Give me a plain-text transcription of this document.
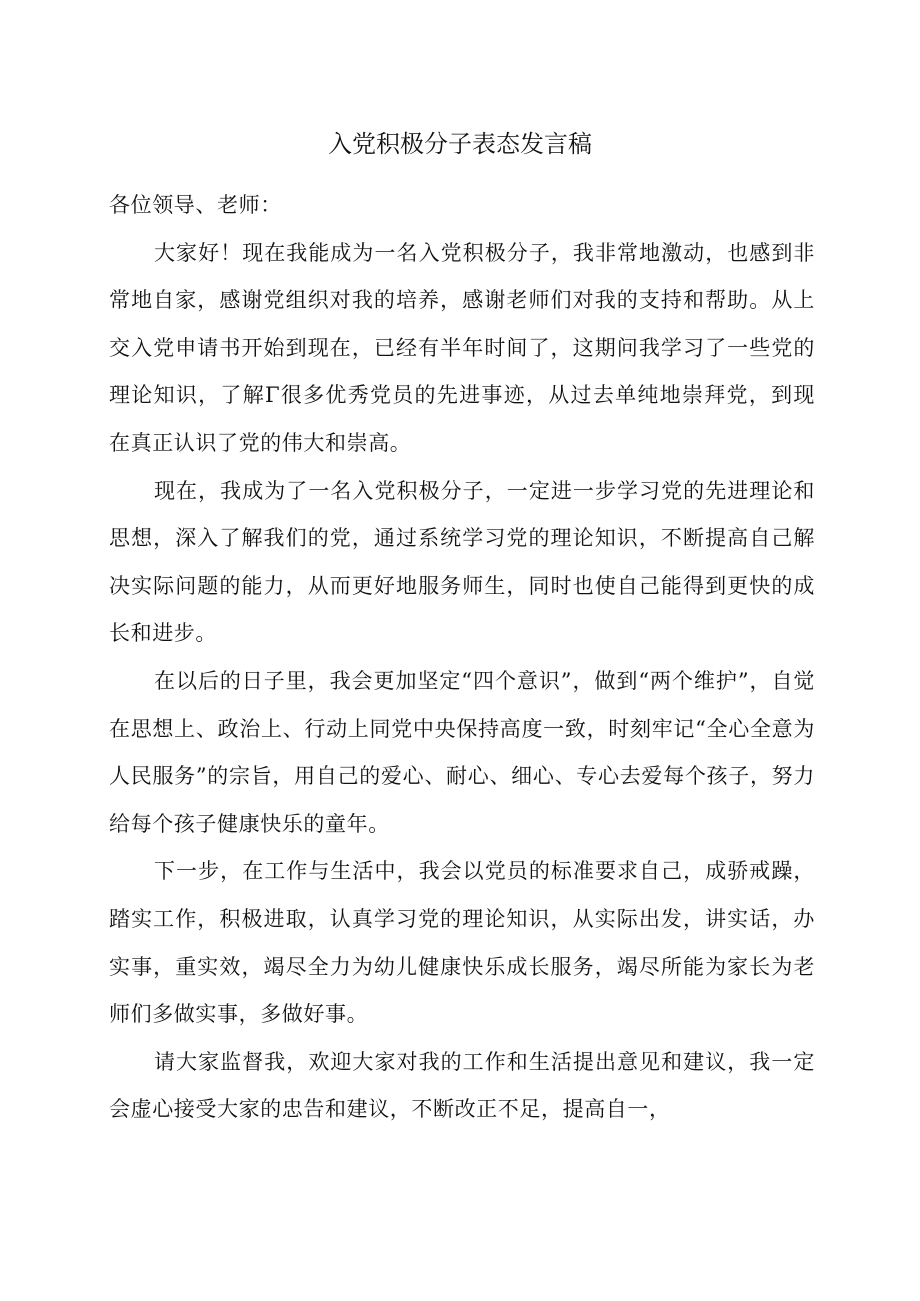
入党积极分子表态发言稿

各位领导、老师：

大家好！现在我能成为一名入党积极分子，我非常地激动，也感到非常地自家，感谢党组织对我的培养，感谢老师们对我的支持和帮助。从上交入党申请书开始到现在，已经有半年时间了，这期问我学习了一些党的理论知识，了解Γ很多优秀党员的先进事迹，从过去单纯地崇拜党，到现在真正认识了党的伟大和崇高。

现在，我成为了一名入党积极分子，一定进一步学习党的先进理论和思想，深入了解我们的党，通过系统学习党的理论知识，不断提高自己解决实际问题的能力，从而更好地服务师生，同时也使自己能得到更快的成长和进步。

在以后的日子里，我会更加坚定“四个意识”，做到“两个维护”，自觉在思想上、政治上、行动上同党中央保持高度一致，时刻牢记“全心全意为人民服务”的宗旨，用自己的爱心、耐心、细心、专心去爱每个孩子，努力给每个孩子健康快乐的童年。

下一步，在工作与生活中，我会以党员的标准要求自己，成骄戒躁，踏实工作，积极进取，认真学习党的理论知识，从实际出发，讲实话，办实事，重实效，竭尽全力为幼儿健康快乐成长服务，竭尽所能为家长为老师们多做实事，多做好事。

请大家监督我，欢迎大家对我的工作和生活提出意见和建议，我一定会虚心接受大家的忠告和建议，不断改正不足，提高自一，
